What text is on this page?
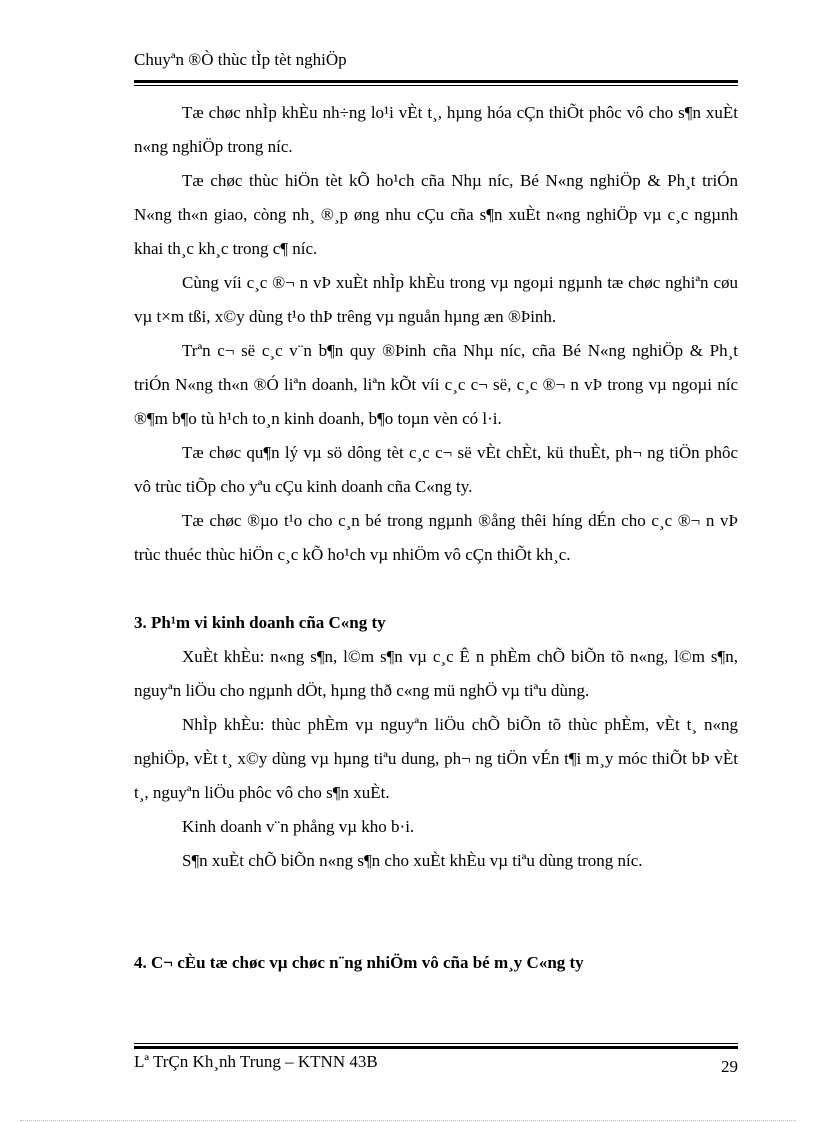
Chuyªn ®Ò thùc tÌp tèt nghiÖp

Tæ chøc nhÌp khÈu nh÷ng lo¹i vÈt t¸, hµng hóa cÇn thiÕt phôc vô cho s¶n xuÈt n«ng nghiÖp trong níc.

Tæ chøc thùc hiÖn tèt kÕ ho¹ch cña Nhµ níc, Bé N«ng nghiÖp & Ph¸t triÓn N«ng th«n giao, còng nh¸ ®¸p øng nhu cÇu cña s¶n xuÈt n«ng nghiÖp vµ c¸c ngµnh khai th¸c kh¸c trong c¶ níc.

Cùng víi c¸c ®¬ n vÞ xuÈt nhÌp khÈu trong vµ ngoµi ngµnh tæ chøc nghiªn cøu vµ t×m tßi, x©y dùng t¹o thÞ trêng vµ nguån hµng æn ®Þinh.

Trªn c¬ së c¸c v¨n b¶n quy ®Þinh cña Nhµ níc, cña Bé N«ng nghiÖp & Ph¸t triÓn N«ng th«n ®Ó liªn doanh, liªn kÕt víi c¸c c¬ së, c¸c ®¬ n vÞ trong vµ ngoµi níc ®¶m b¶o tù h¹ch to¸n kinh doanh, b¶o toµn vèn có l·i.

Tæ chøc qu¶n lý vµ sö dông tèt c¸c c¬ së vÈt chÈt, kü thuÈt, ph¬ ng tiÖn phôc vô trùc tiÕp cho yªu cÇu kinh doanh cña C«ng ty.

Tæ chøc ®µo t¹o cho c¸n bé trong ngµnh ®ång thêi híng dÉn cho c¸c ®¬ n vÞ trùc thuéc thùc hiÖn c¸c kÕ ho¹ch vµ nhiÖm vô cÇn thiÕt kh¸c.

3. Ph¹m vi kinh doanh cña C«ng ty

XuÈt khÈu: n«ng s¶n, l©m s¶n vµ c¸c Ê n phÈm chÕ biÕn tõ n«ng, l©m s¶n, nguyªn liÖu cho ngµnh dÖt, hµng thð c«ng mü nghÖ vµ tiªu dùng.

NhÌp khÈu: thùc phÈm vµ nguyªn liÖu chÕ biÕn tõ thùc phÈm, vÈt t¸ n«ng nghiÖp, vÈt t¸ x©y dùng vµ hµng tiªu dung, ph¬ ng tiÖn vÉn t¶i m¸y móc thiÕt bÞ vÈt t¸, nguyªn liÖu phôc vô cho s¶n xuÈt.

Kinh doanh v¨n phång vµ kho b·i.

S¶n xuÈt chÕ biÕn n«ng s¶n cho xuÈt khÈu vµ tiªu dùng trong níc.

4. C¬ cÈu tæ chøc vµ chøc n¨ng nhiÖm vô cña bé m¸y C«ng ty

Lª TrÇn Kh¸nh Trung – KTNN 43B	29
